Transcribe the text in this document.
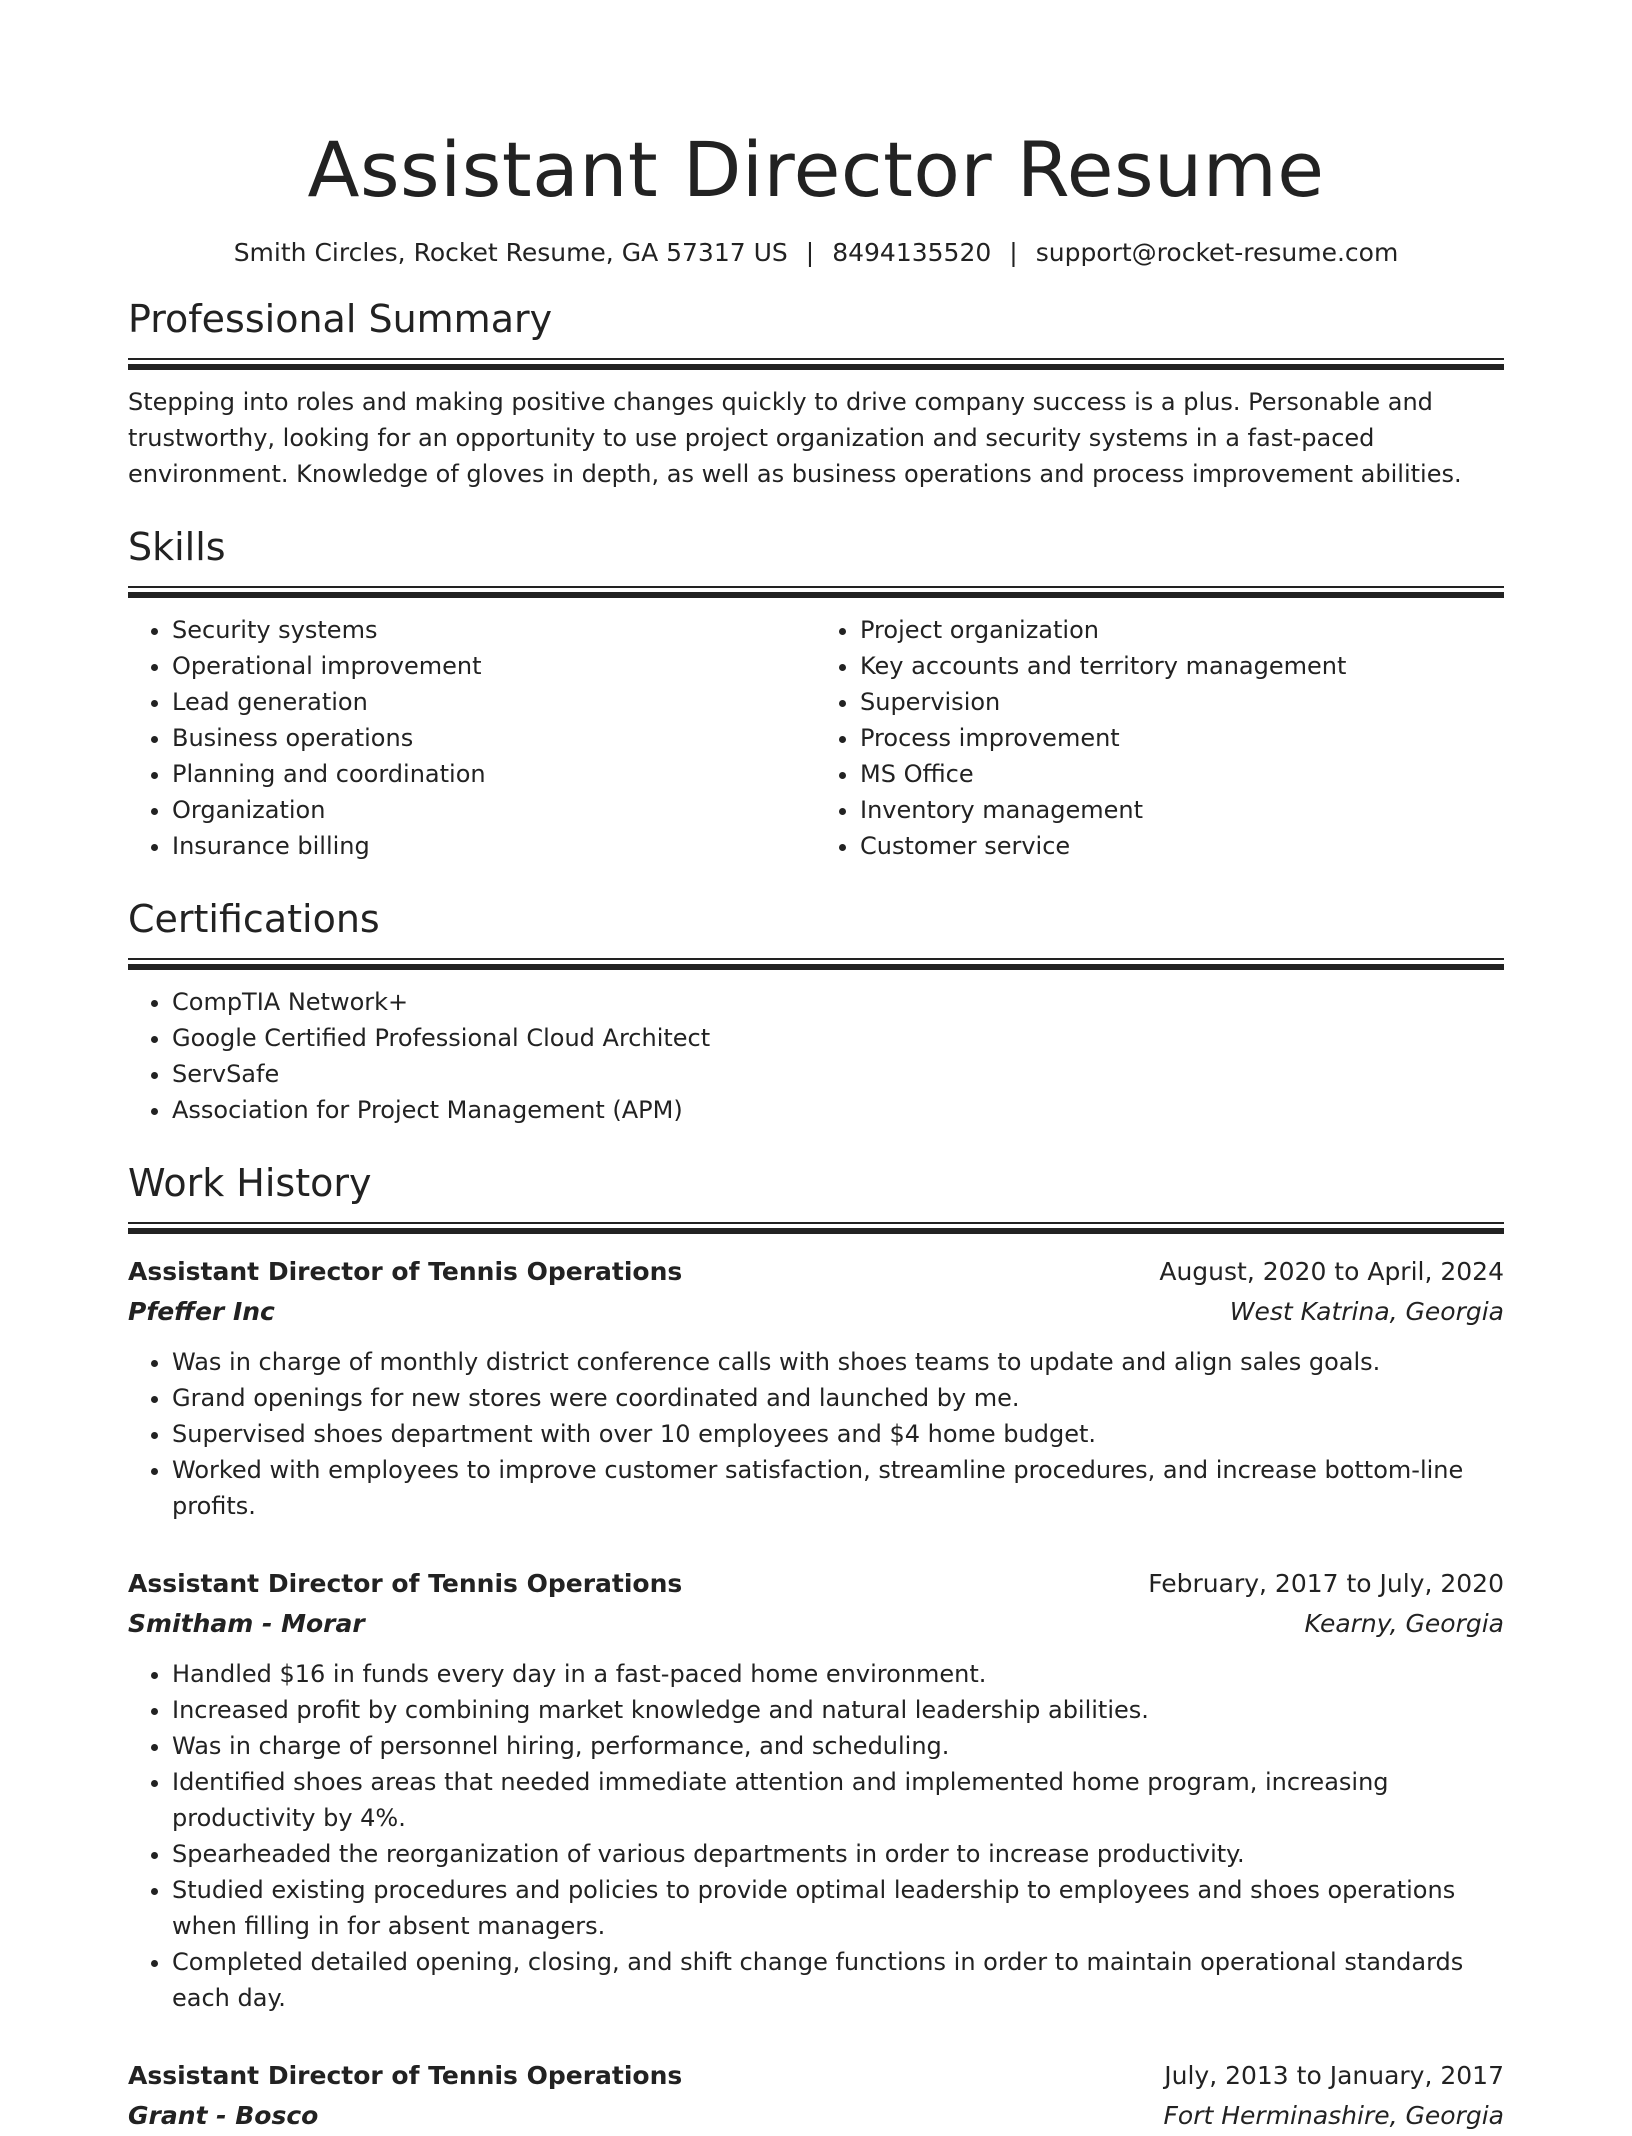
Assistant Director Resume
Smith Circles, Rocket Resume, GA 57317 US | 8494135520 | support@rocket-resume.com
Professional Summary
Stepping into roles and making positive changes quickly to drive company success is a plus. Personable and trustworthy, looking for an opportunity to use project organization and security systems in a fast-paced environment. Knowledge of gloves in depth, as well as business operations and process improvement abilities.
Skills
• Security systems
• Operational improvement
• Lead generation
• Business operations
• Planning and coordination
• Organization
• Insurance billing
• Project organization
• Key accounts and territory management
• Supervision
• Process improvement
• MS Office
• Inventory management
• Customer service
Certifications
• CompTIA Network+
• Google Certified Professional Cloud Architect
• ServSafe
• Association for Project Management (APM)
Work History
Assistant Director of Tennis Operations	August, 2020 to April, 2024
Pfeffer Inc	West Katrina, Georgia
• Was in charge of monthly district conference calls with shoes teams to update and align sales goals.
• Grand openings for new stores were coordinated and launched by me.
• Supervised shoes department with over 10 employees and $4 home budget.
• Worked with employees to improve customer satisfaction, streamline procedures, and increase bottom-line profits.
Assistant Director of Tennis Operations	February, 2017 to July, 2020
Smitham - Morar	Kearny, Georgia
• Handled $16 in funds every day in a fast-paced home environment.
• Increased profit by combining market knowledge and natural leadership abilities.
• Was in charge of personnel hiring, performance, and scheduling.
• Identified shoes areas that needed immediate attention and implemented home program, increasing productivity by 4%.
• Spearheaded the reorganization of various departments in order to increase productivity.
• Studied existing procedures and policies to provide optimal leadership to employees and shoes operations when filling in for absent managers.
• Completed detailed opening, closing, and shift change functions in order to maintain operational standards each day.
Assistant Director of Tennis Operations	July, 2013 to January, 2017
Grant - Bosco	Fort Herminashire, Georgia
